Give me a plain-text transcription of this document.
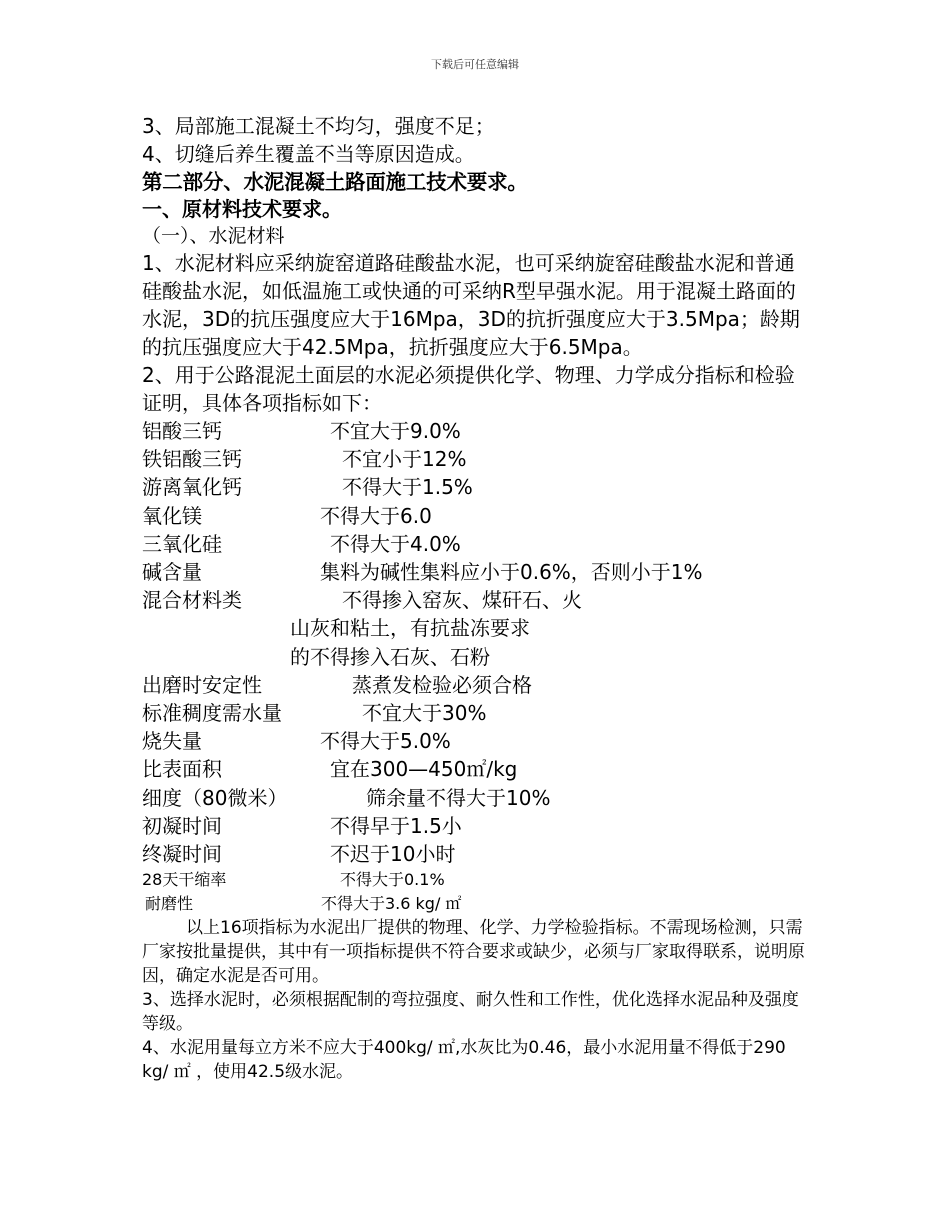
下载后可任意编辑
3、局部施工混凝土不均匀，强度不足；
4、切缝后养生覆盖不当等原因造成。
第二部分、水泥混凝土路面施工技术要求。
一、原材料技术要求。
（一）、水泥材料
1、水泥材料应采纳旋窑道路硅酸盐水泥，也可采纳旋窑硅酸盐水泥和普通硅酸盐水泥，如低温施工或快通的可采纳R型早强水泥。用于混凝土路面的水泥，3D的抗压强度应大于16Mpa，3D的抗折强度应大于3.5Mpa；龄期的抗压强度应大于42.5Mpa，抗折强度应大于6.5Mpa。
2、用于公路混泥土面层的水泥必须提供化学、物理、力学成分指标和检验证明，具体各项指标如下：
铝酸三钙	不宜大于9.0%
铁铝酸三钙	不宜小于12%
游离氧化钙	不得大于1.5%
氧化镁	不得大于6.0
三氧化硅	不得大于4.0%
碱含量	集料为碱性集料应小于0.6%，否则小于1%
混合材料类	不得掺入窑灰、煤矸石、火
山灰和粘土，有抗盐冻要求
的不得掺入石灰、石粉
出磨时安定性	蒸煮发检验必须合格
标准稠度需水量	不宜大于30%
烧失量	不得大于5.0%
比表面积	宜在300—450㎡/kg
细度（80微米）	筛余量不得大于10%
初凝时间	不得早于1.5小
终凝时间	不迟于10小时
28天干缩率	不得大于0.1%
耐磨性	不得大于3.6 kg/ ㎡
以上16项指标为水泥出厂提供的物理、化学、力学检验指标。不需现场检测，只需厂家按批量提供，其中有一项指标提供不符合要求或缺少，必须与厂家取得联系，说明原因，确定水泥是否可用。
3、选择水泥时，必须根据配制的弯拉强度、耐久性和工作性，优化选择水泥品种及强度等级。
4、水泥用量每立方米不应大于400kg/ ㎡,水灰比为0.46，最小水泥用量不得低于290 kg/ ㎡ ，使用42.5级水泥。
